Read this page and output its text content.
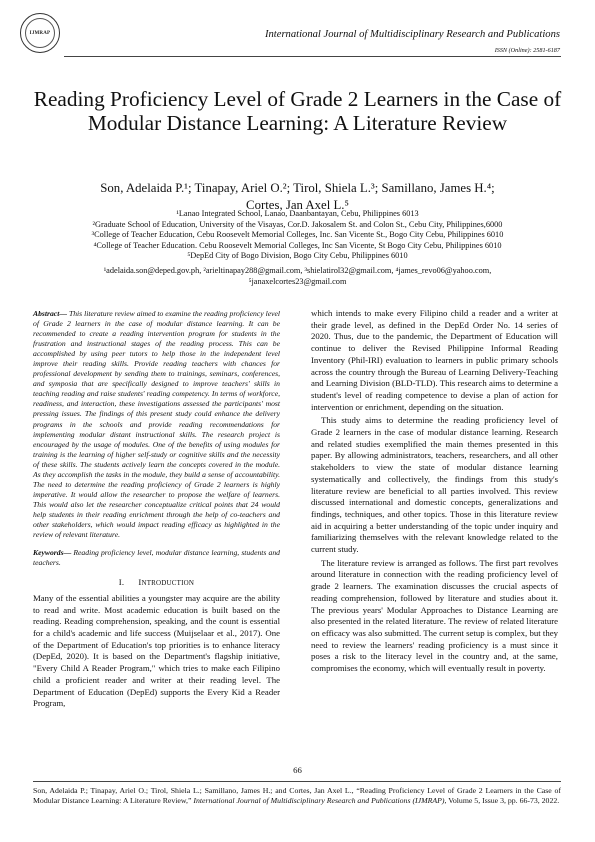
IJMRAP	International Journal of Multidisciplinary Research and Publications
ISSN (Online): 2581-6187
Reading Proficiency Level of Grade 2 Learners in the Case of Modular Distance Learning: A Literature Review
Son, Adelaida P.¹; Tinapay, Ariel O.²; Tirol, Shiela L.³; Samillano, James H.⁴;
Cortes, Jan Axel L.⁵
¹Lanao Integrated School, Lanao, Daanbantayan, Cebu, Philippines 6013
²Graduate School of Education, University of the Visayas, Cor.D. Jakosalem St. and Colon St., Cebu City, Philippines,6000
³College of Teacher Education, Cebu Roosevelt Memorial Colleges, Inc. San Vicente St., Bogo City Cebu, Philippines 6010
⁴College of Teacher Education. Cebu Roosevelt Memorial Colleges, Inc San Vicente, St Bogo City Cebu, Philippines 6010
⁵DepEd City of Bogo Division, Bogo City Cebu, Philippines 6010
¹adelaida.son@deped.gov.ph, ²arieltinapay288@gmail.com, ³shielatirol32@gmail.com, ⁴james_revo06@yahoo.com,
⁵janaxelcortes23@gmail.com

Abstract— This literature review aimed to examine the reading proficiency level of Grade 2 learners in the case of modular distance learning. It can be recommended to create a reading intervention program for students in the frustration and instructional stages of the reading process. This can be accomplished by using peer tutors to help those in the independent level improve their reading skills. Provide reading teachers with chances for professional development by sending them to trainings, seminars, conferences, and symposia that are specifically designed to improve teachers' skills in teaching reading and raise students' reading competency. In terms of workforce, readiness, and interaction, these investigations assessed the participants' most pressing issues. The findings of this present study could enhance the delivery programs in the schools and provide reading recommendations for implementing modular distant instructional skills. The research project is encouraged by the usage of modules. One of the benefits of using modules for training is the learning of higher self-study or cognitive skills and the necessity of these skills. The students actively learn the concepts covered in the module. As they accomplish the tasks in the module, they build a sense of accountability. The need to determine the reading proficiency of Grade 2 learners is highly imperative. It would allow the researcher to propose the welfare of learners. This would also let the researcher conceptualize critical points that 24 would help students in their reading enrichment through the help of co-teachers and other stakeholders, which would impact reading efficacy as highlighted in the review of relevant literature.

Keywords— Reading proficiency level, modular distance learning, students and teachers.

I. INTRODUCTION

Many of the essential abilities a youngster may acquire are the ability to read and write. Most academic education is built based on the reading. Reading comprehension, speaking, and the count is essential for a child's academic and life success (Muijselaar et al., 2017). One of the Department of Education's top priorities is to enhance literacy (DepEd, 2020). It is based on the Department's flagship initiative, "Every Child A Reader Program," which tries to make each Filipino child a proficient reader and writer at their reading level. The Department of Education (DepEd) supports the Every Kid a Reader Program,

which intends to make every Filipino child a reader and a writer at their grade level, as defined in the DepEd Order No. 14 series of 2020. Thus, due to the pandemic, the Department of Education will continue to deliver the Revised Philippine Informal Reading Inventory (Phil-IRI) evaluation to learners in public primary schools across the country through the Bureau of Learning Delivery-Teaching and Learning Division (BLD-TLD). This research aims to determine a student's level of reading competence to devise a plan of action for intervention or enrichment, depending on the situation.

This study aims to determine the reading proficiency level of Grade 2 learners in the case of modular distance learning. Research and related studies exemplified the main themes presented in this paper. By allowing administrators, teachers, researchers, and all other stakeholders to view the state of modular distance learning systematically and collectively, the findings from this study's literature review are beneficial to all parties involved. This review discussed international and domestic concepts, generalizations and findings, techniques, and other topics. Those in this literature review aid in acquiring a better understanding of the topic under inquiry and familiarizing themselves with the relevant knowledge related to the current study.

The literature review is arranged as follows. The first part revolves around literature in connection with the reading proficiency level of grade 2 learners. The examination discusses the crucial aspects of reading comprehension, followed by literature and studies about it. The previous years' Modular Approaches to Distance Learning are also presented in the related literature. The review of related literature on efficacy was also submitted. The current setup is complex, but they need to review the learners' reading proficiency is a must since it poses a risk to the literacy level in the country and, at the same, compromises the economy, which will eventually result in poverty.

66
Son, Adelaida P.; Tinapay, Ariel O.; Tirol, Shiela L.; Samillano, James H.; and Cortes, Jan Axel L., “Reading Proficiency Level of Grade 2 Learners in the Case of Modular Distance Learning: A Literature Review,” International Journal of Multidisciplinary Research and Publications (IJMRAP), Volume 5, Issue 3, pp. 66-73, 2022.
